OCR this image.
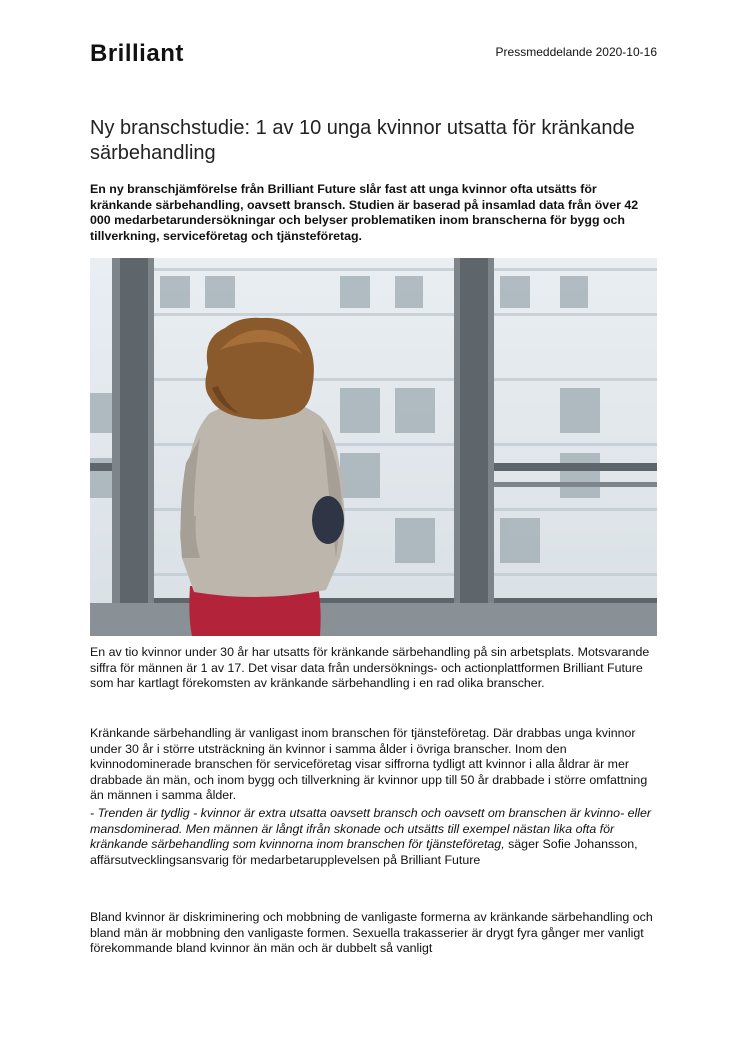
Brilliant	Pressmeddelande 2020-10-16
Ny branschstudie: 1 av 10 unga kvinnor utsatta för kränkande särbehandling

En ny branschjämförelse från Brilliant Future slår fast att unga kvinnor ofta utsätts för kränkande särbehandling, oavsett bransch. Studien är baserad på insamlad data från över 42 000 medarbetarundersökningar och belyser problematiken inom branscherna för bygg och tillverkning, serviceföretag och tjänsteföretag.

En av tio kvinnor under 30 år har utsatts för kränkande särbehandling på sin arbetsplats. Motsvarande siffra för männen är 1 av 17. Det visar data från undersöknings- och actionplattformen Brilliant Future som har kartlagt förekomsten av kränkande särbehandling i en rad olika branscher.

Kränkande särbehandling är vanligast inom branschen för tjänsteföretag. Där drabbas unga kvinnor under 30 år i större utsträckning än kvinnor i samma ålder i övriga branscher. Inom den kvinnodominerade branschen för serviceföretag visar siffrorna tydligt att kvinnor i alla åldrar är mer drabbade än män, och inom bygg och tillverkning är kvinnor upp till 50 år drabbade i större omfattning än männen i samma ålder.

- Trenden är tydlig - kvinnor är extra utsatta oavsett bransch och oavsett om branschen är kvinno- eller mansdominerad. Men männen är långt ifrån skonade och utsätts till exempel nästan lika ofta för kränkande särbehandling som kvinnorna inom branschen för tjänsteföretag, säger Sofie Johansson, affärsutvecklingsansvarig för medarbetarupplevelsen på Brilliant Future

Bland kvinnor är diskriminering och mobbning de vanligaste formerna av kränkande särbehandling och bland män är mobbning den vanligaste formen. Sexuella trakasserier är drygt fyra gånger mer vanligt förekommande bland kvinnor än män och är dubbelt så vanligt
